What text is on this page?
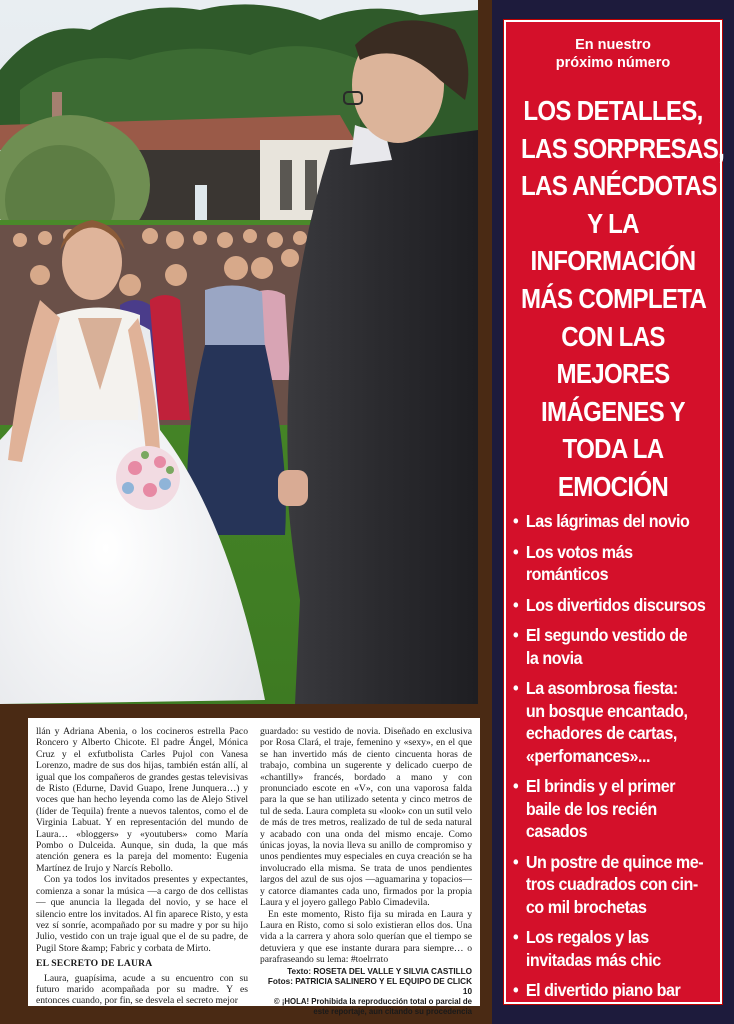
llán y Adriana Abenia, o los cocineros estrella Paco Roncero y Alberto Chicote. El padre Ángel, Mónica Cruz y el exfutbolista Carles Pujol con Vanesa Lorenzo, madre de sus dos hijas, también están allí, al igual que los compañeros de grandes gestas televisivas de Risto (Edurne, David Guapo, Irene Junquera…) y voces que han hecho leyenda como las de Alejo Stivel (líder de Tequila) frente a nuevos talentos, como el de Virginia Labuat. Y en representación del mundo de Laura… «bloggers» y «youtubers» como María Pombo o Dulceida. Aunque, sin duda, la que más atención genera es la pareja del momento: Eugenia Martínez de Irujo y Narcís Rebollo.

Con ya todos los invitados presentes y expectantes, comienza a sonar la música —a cargo de dos cellistas— que anuncia la llegada del novio, y se hace el silencio entre los invitados. Al fin aparece Risto, y esta vez sí sonríe, acompañado por su madre y por su hijo Julio, vestido con un traje igual que el de su padre, de Pugil Store &amp; Fabric y corbata de Mirto.

EL SECRETO DE LAURA

Laura, guapísima, acude a su encuentro con su futuro marido acompañada por su madre. Y es entonces cuando, por fin, se desvela el secreto mejor

guardado: su vestido de novia. Diseñado en exclusiva por Rosa Clará, el traje, femenino y «sexy», en el que se han invertido más de ciento cincuenta horas de trabajo, combina un sugerente y delicado cuerpo de «chantilly» francés, bordado a mano y con pronunciado escote en «V», con una vaporosa falda para la que se han utilizado setenta y cinco metros de tul de seda. Laura completa su «look» con un sutil velo de más de tres metros, realizado de tul de seda natural y acabado con una onda del mismo encaje. Como únicas joyas, la novia lleva su anillo de compromiso y unos pendientes muy especiales en cuya creación se ha involucrado ella misma. Se trata de unos pendientes largos del azul de sus ojos —aguamarina y topacios— y catorce diamantes cada uno, firmados por la propia Laura y el joyero gallego Pablo Cimadevila.

En este momento, Risto fija su mirada en Laura y Laura en Risto, como si solo existieran ellos dos. Una vida a la carrera y ahora solo querían que el tiempo se detuviera y que ese instante durara para siempre… o parafraseando su lema: #toelrrato

Texto: ROSETA DEL VALLE Y SILVIA CASTILLO
Fotos: PATRICIA SALINERO Y EL EQUIPO DE CLICK 10
© ¡HOLA! Prohibida la reproducción total o parcial de
este reportaje, aun citando su procedencia
En nuestro
próximo número
LOS DETALLES,
LAS SORPRESAS,
LAS ANÉCDOTAS
Y LA
INFORMACIÓN
MÁS COMPLETA
CON LAS
MEJORES
IMÁGENES Y
TODA LA
EMOCIÓN
• Las lágrimas del novio
• Los votos más
románticos
• Los divertidos discursos
• El segundo vestido de
la novia
• La asombrosa fiesta:
un bosque encantado,
echadores de cartas,
«perfomances»...
• El brindis y el primer
baile de los recién
casados
• Un postre de quince me-
tros cuadrados con cin-
co mil brochetas
• Los regalos y las
invitadas más chic
• El divertido piano bar
